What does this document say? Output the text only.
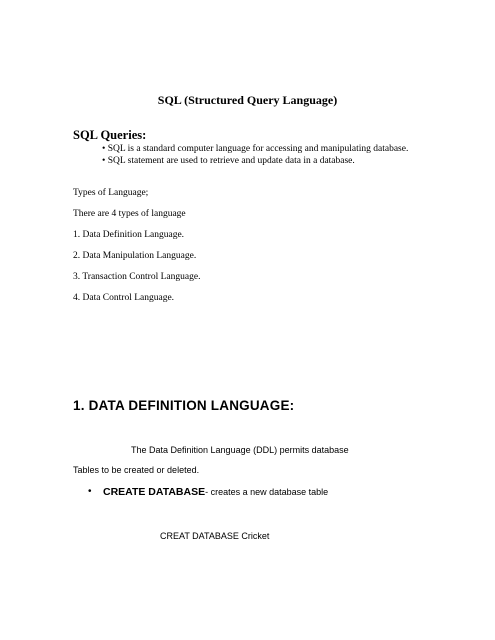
SQL (Structured Query Language)
SQL Queries:
• SQL is a standard computer language for accessing and manipulating database.
• SQL statement are used to retrieve and update data in a database.
Types of Language;
There are 4 types of language
1. Data Definition Language.
2. Data Manipulation Language.
3. Transaction Control Language.
4. Data Control Language.
1. DATA DEFINITION LANGUAGE:
The Data Definition Language (DDL) permits database
Tables to be created or deleted.
• CREATE DATABASE- creates a new database table
CREAT DATABASE Cricket
